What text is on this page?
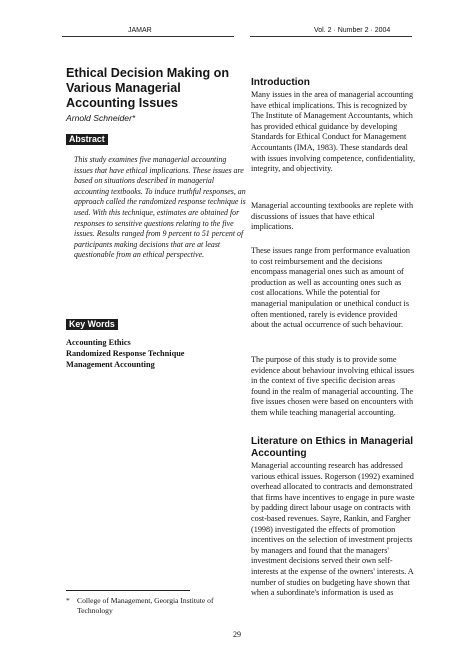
JAMAR	Vol. 2 · Number 2 · 2004
Ethical Decision Making on Various Managerial Accounting Issues
Arnold Schneider*
Abstract

This study examines five managerial accounting issues that have ethical implications. These issues are based on situations described in managerial accounting textbooks. To induce truthful responses, an approach called the randomized response technique is used. With this technique, estimates are obtained for responses to sensitive questions relating to the five issues. Results ranged from 9 percent to 51 percent of participants making decisions that are at least questionable from an ethical perspective.

Key Words
Accounting Ethics
Randomized Response Technique
Management Accounting
* College of Management, Georgia Institute of Technology
Introduction

Many issues in the area of managerial accounting have ethical implications. This is recognized by The Institute of Management Accountants, which has provided ethical guidance by developing Standards for Ethical Conduct for Management Accountants (IMA, 1983). These standards deal with issues involving competence, confidentiality, integrity, and objectivity.

Managerial accounting textbooks are replete with discussions of issues that have ethical implications.

These issues range from performance evaluation to cost reimbursement and the decisions encompass managerial ones such as amount of production as well as accounting ones such as cost allocations. While the potential for managerial manipulation or unethical conduct is often mentioned, rarely is evidence provided about the actual occurrence of such behaviour.

The purpose of this study is to provide some evidence about behaviour involving ethical issues in the context of five specific decision areas found in the realm of managerial accounting. The five issues chosen were based on encounters with them while teaching managerial accounting.

Literature on Ethics in Managerial Accounting

Managerial accounting research has addressed various ethical issues. Rogerson (1992) examined overhead allocated to contracts and demonstrated that firms have incentives to engage in pure waste by padding direct labour usage on contracts with cost-based revenues. Sayre, Rankin, and Fargher (1998) investigated the effects of promotion incentives on the selection of investment projects by managers and found that the managers' investment decisions served their own self-interests at the expense of the owners' interests. A number of studies on budgeting have shown that when a subordinate's information is used as

29
